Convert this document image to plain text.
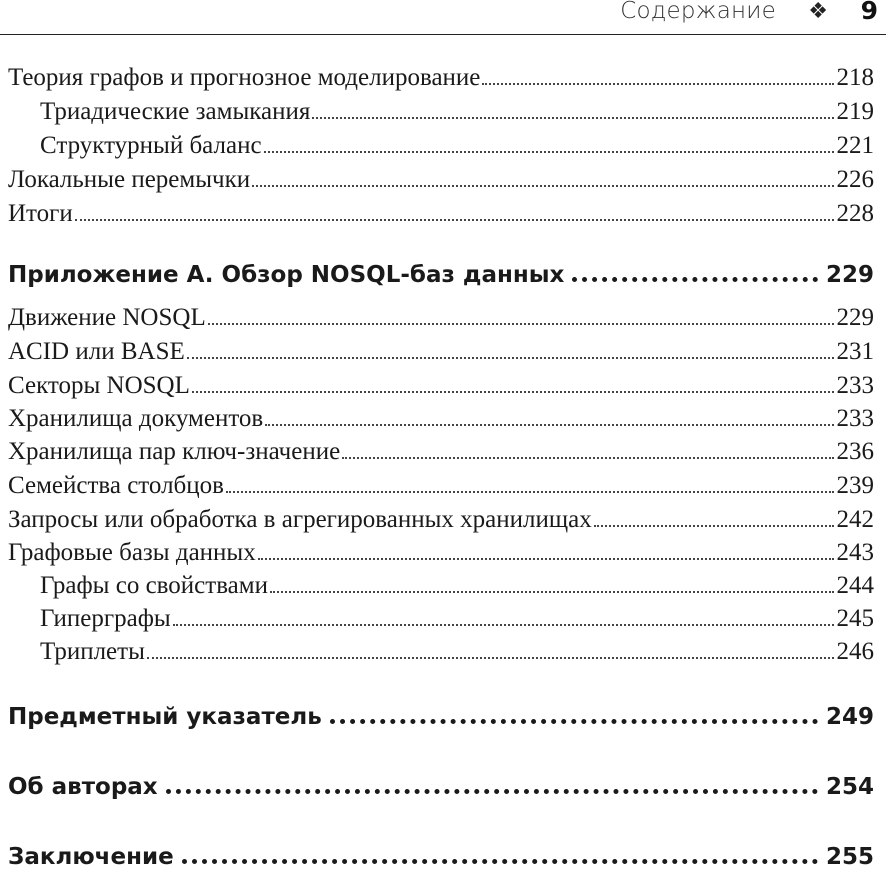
Содержание ❖ 9
Теория графов и прогнозное моделирование	218
Триадические замыкания	219
Структурный баланс	221
Локальные перемычки	226
Итоги	228
Приложение A. Обзор NOSQL-баз данных	229
Движение NOSQL	229
ACID или BASE	231
Секторы NOSQL	233
Хранилища документов	233
Хранилища пар ключ-значение	236
Семейства столбцов	239
Запросы или обработка в агрегированных хранилищах	242
Графовые базы данных	243
Графы со свойствами	244
Гиперграфы	245
Триплеты	246
Предметный указатель	249
Об авторах	254
Заключение	255
